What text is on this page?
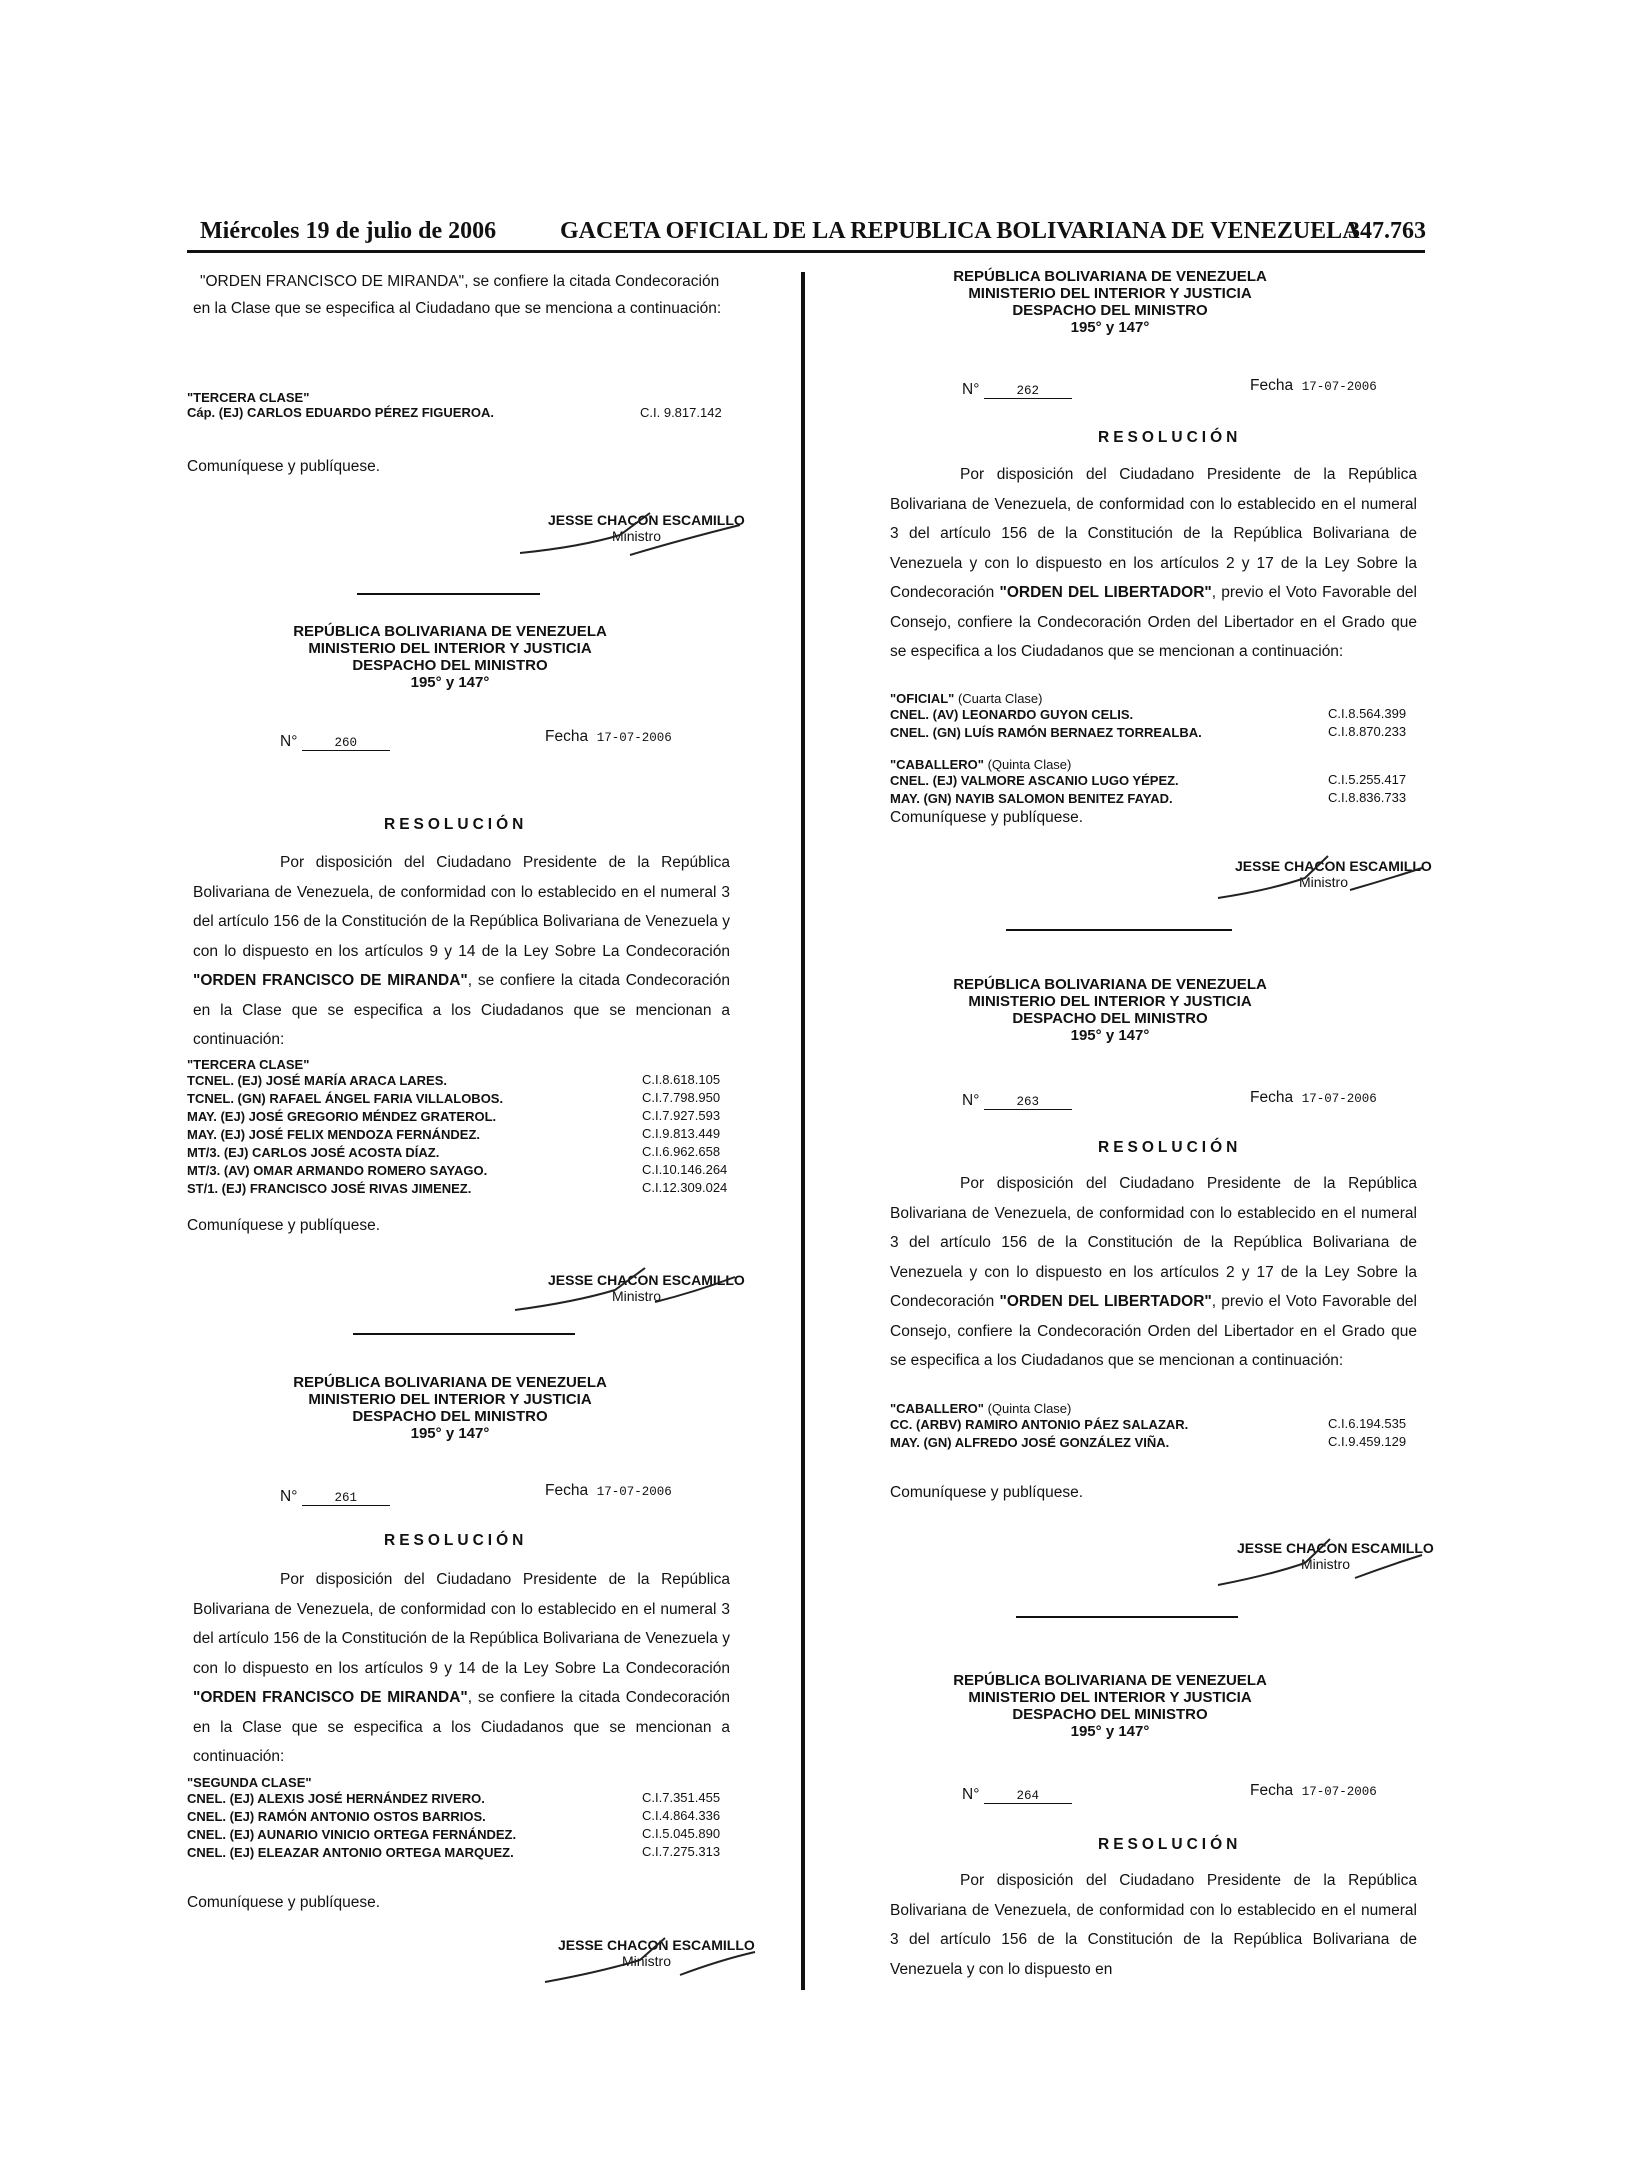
Miércoles 19 de julio de 2006	GACETA OFICIAL DE LA REPUBLICA BOLIVARIANA DE VENEZUELA
347.763
"ORDEN FRANCISCO DE MIRANDA", se confiere la citada Condecoración
en la Clase que se especifica al Ciudadano que se menciona a continuación:
"TERCERA CLASE"
Cáp. (EJ) CARLOS EDUARDO PÉREZ FIGUEROA.	C.I. 9.817.142
Comuníquese y publíquese.
JESSE CHACON ESCAMILLO
Ministro
REPÚBLICA BOLIVARIANA DE VENEZUELA
MINISTERIO DEL INTERIOR Y JUSTICIA
DESPACHO DEL MINISTRO
195° y 147°
N°	260	Fecha 17-07-2006
RESOLUCIÓN
Por disposición del Ciudadano Presidente de la República Bolivariana de Venezuela, de conformidad con lo establecido en el numeral 3 del artículo 156 de la Constitución de la República Bolivariana de Venezuela y con lo dispuesto en los artículos 9 y 14 de la Ley Sobre La Condecoración "ORDEN FRANCISCO DE MIRANDA", se confiere la citada Condecoración en la Clase que se especifica a los Ciudadanos que se mencionan a continuación:
"TERCERA CLASE"
TCNEL. (EJ) JOSÉ MARÍA ARACA LARES.	C.I.8.618.105
TCNEL. (GN) RAFAEL ÁNGEL FARIA VILLALOBOS.	C.I.7.798.950
MAY. (EJ) JOSÉ GREGORIO MÉNDEZ GRATEROL.	C.I.7.927.593
MAY. (EJ) JOSÉ FELIX MENDOZA FERNÁNDEZ.	C.I.9.813.449
MT/3. (EJ) CARLOS JOSÉ ACOSTA DÍAZ.	C.I.6.962.658
MT/3. (AV) OMAR ARMANDO ROMERO SAYAGO.	C.I.10.146.264
ST/1. (EJ) FRANCISCO JOSÉ RIVAS JIMENEZ.	C.I.12.309.024
Comuníquese y publíquese.
JESSE CHACON ESCAMILLO
Ministro
REPÚBLICA BOLIVARIANA DE VENEZUELA
MINISTERIO DEL INTERIOR Y JUSTICIA
DESPACHO DEL MINISTRO
195° y 147°
N°	261	Fecha 17-07-2006
RESOLUCIÓN
Por disposición del Ciudadano Presidente de la República Bolivariana de Venezuela, de conformidad con lo establecido en el numeral 3 del artículo 156 de la Constitución de la República Bolivariana de Venezuela y con lo dispuesto en los artículos 9 y 14 de la Ley Sobre La Condecoración "ORDEN FRANCISCO DE MIRANDA", se confiere la citada Condecoración en la Clase que se especifica a los Ciudadanos que se mencionan a continuación:
"SEGUNDA CLASE"
CNEL. (EJ) ALEXIS JOSÉ HERNÁNDEZ RIVERO.	C.I.7.351.455
CNEL. (EJ) RAMÓN ANTONIO OSTOS BARRIOS.	C.I.4.864.336
CNEL. (EJ) AUNARIO VINICIO ORTEGA FERNÁNDEZ.	C.I.5.045.890
CNEL. (EJ) ELEAZAR ANTONIO ORTEGA MARQUEZ.	C.I.7.275.313
Comuníquese y publíquese.
JESSE CHACON ESCAMILLO
Ministro
REPÚBLICA BOLIVARIANA DE VENEZUELA
MINISTERIO DEL INTERIOR Y JUSTICIA
DESPACHO DEL MINISTRO
195° y 147°
N°	262	Fecha 17-07-2006
RESOLUCIÓN
Por disposición del Ciudadano Presidente de la República Bolivariana de Venezuela, de conformidad con lo establecido en el numeral 3 del artículo 156 de la Constitución de la República Bolivariana de Venezuela y con lo dispuesto en los artículos 2 y 17 de la Ley Sobre la Condecoración "ORDEN DEL LIBERTADOR", previo el Voto Favorable del Consejo, confiere la Condecoración Orden del Libertador en el Grado que se especifica a los Ciudadanos que se mencionan a continuación:
"OFICIAL" (Cuarta Clase)
CNEL. (AV) LEONARDO GUYON CELIS.	C.I.8.564.399
CNEL. (GN) LUÍS RAMÓN BERNAEZ TORREALBA.	C.I.8.870.233
"CABALLERO" (Quinta Clase)
CNEL. (EJ) VALMORE ASCANIO LUGO YÉPEZ.	C.I.5.255.417
MAY. (GN) NAYIB SALOMON BENITEZ FAYAD.	C.I.8.836.733
Comuníquese y publíquese.
JESSE CHACON ESCAMILLO
Ministro
REPÚBLICA BOLIVARIANA DE VENEZUELA
MINISTERIO DEL INTERIOR Y JUSTICIA
DESPACHO DEL MINISTRO
195° y 147°
N°	263	Fecha 17-07-2006
RESOLUCIÓN
Por disposición del Ciudadano Presidente de la República Bolivariana de Venezuela, de conformidad con lo establecido en el numeral 3 del artículo 156 de la Constitución de la República Bolivariana de Venezuela y con lo dispuesto en los artículos 2 y 17 de la Ley Sobre la Condecoración "ORDEN DEL LIBERTADOR", previo el Voto Favorable del Consejo, confiere la Condecoración Orden del Libertador en el Grado que se especifica a los Ciudadanos que se mencionan a continuación:
"CABALLERO" (Quinta Clase)
CC. (ARBV) RAMIRO ANTONIO PÁEZ SALAZAR.	C.I.6.194.535
MAY. (GN) ALFREDO JOSÉ GONZÁLEZ VIÑA.	C.I.9.459.129
Comuníquese y publíquese.
JESSE CHACON ESCAMILLO
Ministro
REPÚBLICA BOLIVARIANA DE VENEZUELA
MINISTERIO DEL INTERIOR Y JUSTICIA
DESPACHO DEL MINISTRO
195° y 147°
N°	264	Fecha 17-07-2006
RESOLUCIÓN
Por disposición del Ciudadano Presidente de la República Bolivariana de Venezuela, de conformidad con lo establecido en el numeral 3 del artículo 156 de la Constitución de la República Bolivariana de Venezuela y con lo dispuesto en
